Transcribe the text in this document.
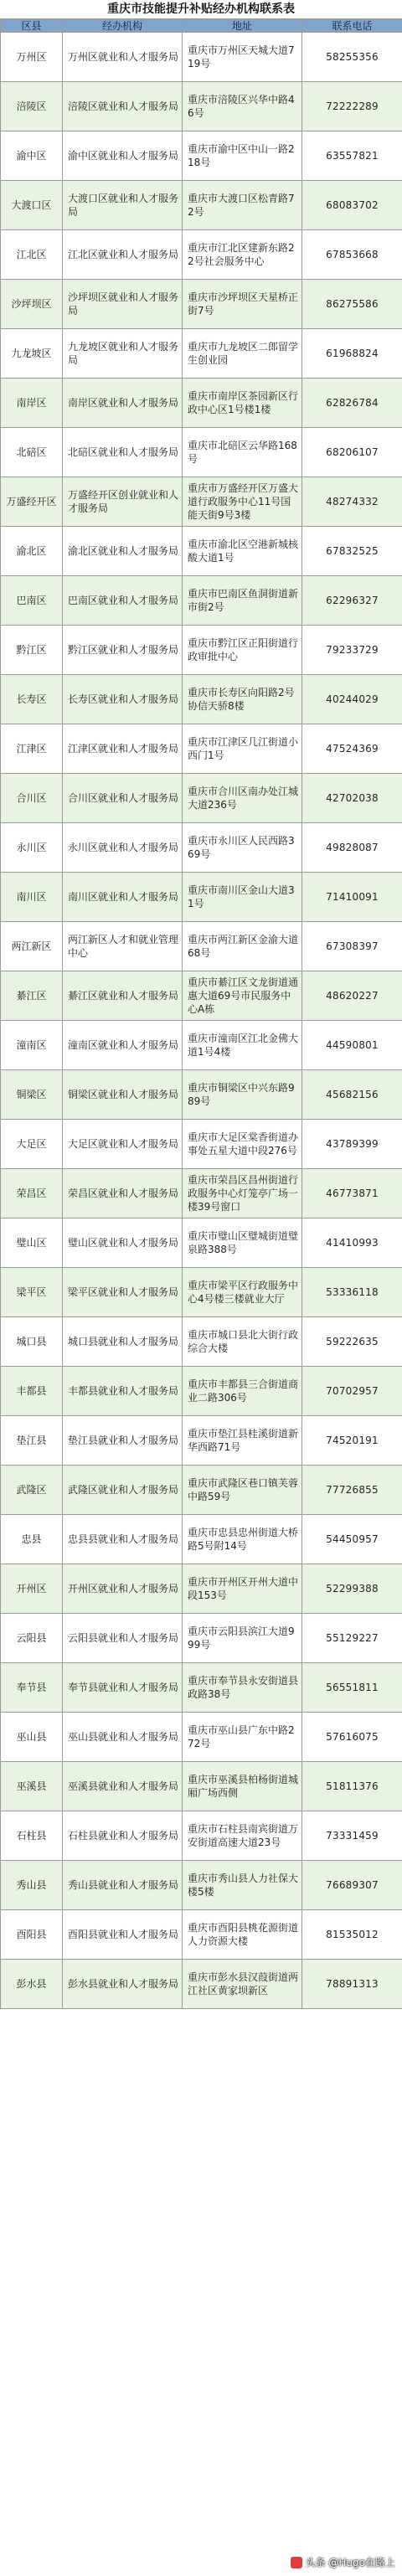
重庆市技能提升补贴经办机构联系表
区县	经办机构	地址	联系电话
万州区	万州区就业和人才服务局	重庆市万州区天城大道719号	58255356
涪陵区	涪陵区就业和人才服务局	重庆市涪陵区兴华中路46号	72222289
渝中区	渝中区就业和人才服务局	重庆市渝中区中山一路218号	63557821
大渡口区	大渡口区就业和人才服务局	重庆市大渡口区松青路72号	68083702
江北区	江北区就业和人才服务局	重庆市江北区建新东路22号社会服务中心	67853668
沙坪坝区	沙坪坝区就业和人才服务局	重庆市沙坪坝区天星桥正街7号	86275586
九龙坡区	九龙坡区就业和人才服务局	重庆市九龙坡区二郎留学生创业园	61968824
南岸区	南岸区就业和人才服务局	重庆市南岸区茶园新区行政中心区1号楼1楼	62826784
北碚区	北碚区就业和人才服务局	重庆市北碚区云华路168号	68206107
万盛经开区	万盛经开区创业就业和人才服务局	重庆市万盛经开区万盛大道行政服务中心11号国能天街9号3楼	48274332
渝北区	渝北区就业和人才服务局	重庆市渝北区空港新城核酸大道1号	67832525
巴南区	巴南区就业和人才服务局	重庆市巴南区鱼洞街道新市街2号	62296327
黔江区	黔江区就业和人才服务局	重庆市黔江区正阳街道行政审批中心	79233729
长寿区	长寿区就业和人才服务局	重庆市长寿区向阳路2号协信天骄8楼	40244029
江津区	江津区就业和人才服务局	重庆市江津区几江街道小西门1号	47524369
合川区	合川区就业和人才服务局	重庆市合川区南办处江城大道236号	42702038
永川区	永川区就业和人才服务局	重庆市永川区人民西路369号	49828087
南川区	南川区就业和人才服务局	重庆市南川区金山大道31号	71410091
两江新区	两江新区人才和就业管理中心	重庆市两江新区金渝大道68号	67308397
綦江区	綦江区就业和人才服务局	重庆市綦江区文龙街道通惠大道69号市民服务中心A栋	48620227
潼南区	潼南区就业和人才服务局	重庆市潼南区江北金佛大道1号4楼	44590801
铜梁区	铜梁区就业和人才服务局	重庆市铜梁区中兴东路989号	45682156
大足区	大足区就业和人才服务局	重庆市大足区棠香街道办事处五星大道中段276号	43789399
荣昌区	荣昌区就业和人才服务局	重庆市荣昌区昌州街道行政服务中心灯笼亭广场一楼39号窗口	46773871
璧山区	璧山区就业和人才服务局	重庆市璧山区璧城街道璧泉路388号	41410993
梁平区	梁平区就业和人才服务局	重庆市梁平区行政服务中心4号楼三楼就业大厅	53336118
城口县	城口县就业和人才服务局	重庆市城口县北大街行政综合大楼	59222635
丰都县	丰都县就业和人才服务局	重庆市丰都县三合街道商业二路306号	70702957
垫江县	垫江县就业和人才服务局	重庆市垫江县桂溪街道新华西路71号	74520191
武隆区	武隆区就业和人才服务局	重庆市武隆区巷口镇芙蓉中路59号	77726855
忠县	忠县县就业和人才服务局	重庆市忠县忠州街道大桥路5号附14号	54450957
开州区	开州区就业和人才服务局	重庆市开州区开州大道中段153号	52299388
云阳县	云阳县就业和人才服务局	重庆市云阳县滨江大道999号	55129227
奉节县	奉节县就业和人才服务局	重庆市奉节县永安街道县政路38号	56551811
巫山县	巫山县就业和人才服务局	重庆市巫山县广东中路272号	57616075
巫溪县	巫溪县就业和人才服务局	重庆市巫溪县柏杨街道城厢广场西侧	51811376
石柱县	石柱县就业和人才服务局	重庆市石柱县南宾街道万安街道高速大道23号	73331459
秀山县	秀山县就业和人才服务局	重庆市秀山县人力社保大楼5楼	76689307
酉阳县	酉阳县就业和人才服务局	重庆市酉阳县桃花源街道人力资源大楼	81535012
彭水县	彭水县就业和人才服务局	重庆市彭水县汉葭街道两江社区黄家坝新区	78891313
头条 @Hugo在路上
